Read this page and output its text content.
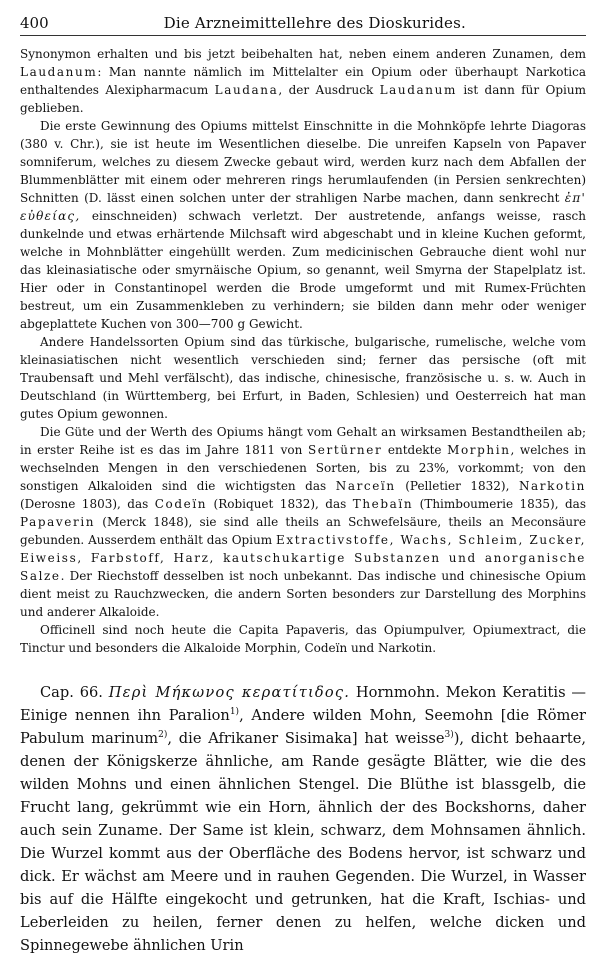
400	Die Arzneimittellehre des Dioskurides.

Synonymon erhalten und bis jetzt beibehalten hat, neben einem anderen Zunamen, dem Laudanum: Man nannte nämlich im Mittelalter ein Opium oder überhaupt Narkotica enthaltendes Alexipharmacum Laudana, der Ausdruck Laudanum ist dann für Opium geblieben.

Die erste Gewinnung des Opiums mittelst Einschnitte in die Mohnköpfe lehrte Diagoras (380 v. Chr.), sie ist heute im Wesentlichen dieselbe. Die unreifen Kapseln von Papaver somniferum, welches zu diesem Zwecke gebaut wird, werden kurz nach dem Abfallen der Blummenblätter mit einem oder mehreren rings herumlaufenden (in Persien senkrechten) Schnitten (D. lässt einen solchen unter der strahligen Narbe machen, dann senkrecht ἐπ' εὐθείας, einschneiden) schwach verletzt. Der austretende, anfangs weisse, rasch dunkelnde und etwas erhärtende Milchsaft wird abgeschabt und in kleine Kuchen geformt, welche in Mohnblätter eingehüllt werden. Zum medicinischen Gebrauche dient wohl nur das kleinasiatische oder smyrnäische Opium, so genannt, weil Smyrna der Stapelplatz ist. Hier oder in Constantinopel werden die Brode umgeformt und mit Rumex-Früchten bestreut, um ein Zusammenkleben zu verhindern; sie bilden dann mehr oder weniger abgeplattete Kuchen von 300—700 g Gewicht.

Andere Handelssorten Opium sind das türkische, bulgarische, rumelische, welche vom kleinasiatischen nicht wesentlich verschieden sind; ferner das persische (oft mit Traubensaft und Mehl verfälscht), das indische, chinesische, französische u. s. w. Auch in Deutschland (in Württemberg, bei Erfurt, in Baden, Schlesien) und Oesterreich hat man gutes Opium gewonnen.

Die Güte und der Werth des Opiums hängt vom Gehalt an wirksamen Bestandtheilen ab; in erster Reihe ist es das im Jahre 1811 von Sertürner entdekte Morphin, welches in wechselnden Mengen in den verschiedenen Sorten, bis zu 23%, vorkommt; von den sonstigen Alkaloiden sind die wichtigsten das Narceïn (Pelletier 1832), Narkotin (Derosne 1803), das Codeïn (Robiquet 1832), das Thebaïn (Thimboumerie 1835), das Papaverin (Merck 1848), sie sind alle theils an Schwefelsäure, theils an Meconsäure gebunden. Ausserdem enthält das Opium Extractivstoffe, Wachs, Schleim, Zucker, Eiweiss, Farbstoff, Harz, kautschukartige Substanzen und anorganische Salze. Der Riechstoff desselben ist noch unbekannt. Das indische und chinesische Opium dient meist zu Rauchzwecken, die andern Sorten besonders zur Darstellung des Morphins und anderer Alkaloide.

Officinell sind noch heute die Capita Papaveris, das Opiumpulver, Opiumextract, die Tinctur und besonders die Alkaloide Morphin, Codeïn und Narkotin.

Cap. 66. Περὶ Μήκωνος κερατίτιδος. Hornmohn. Mekon Keratitis — Einige nennen ihn Paralion$^{1)}$, Andere wilden Mohn, Seemohn [die Römer Pabulum marinum$^{2)}$, die Afrikaner Sisimaka] hat weisse$^{3)}$), dicht behaarte, denen der Königskerze ähnliche, am Rande gesägte Blätter, wie die des wilden Mohns und einen ähnlichen Stengel. Die Blüthe ist blassgelb, die Frucht lang, gekrümmt wie ein Horn, ähnlich der des Bockshorns, daher auch sein Zuname. Der Same ist klein, schwarz, dem Mohnsamen ähnlich. Die Wurzel kommt aus der Oberfläche des Bodens hervor, ist schwarz und dick. Er wächst am Meere und in rauhen Gegenden. Die Wurzel, in Wasser bis auf die Hälfte eingekocht und getrunken, hat die Kraft, Ischias- und Leberleiden zu heilen, ferner denen zu helfen, welche dicken und Spinnegewebe ähnlichen Urin
